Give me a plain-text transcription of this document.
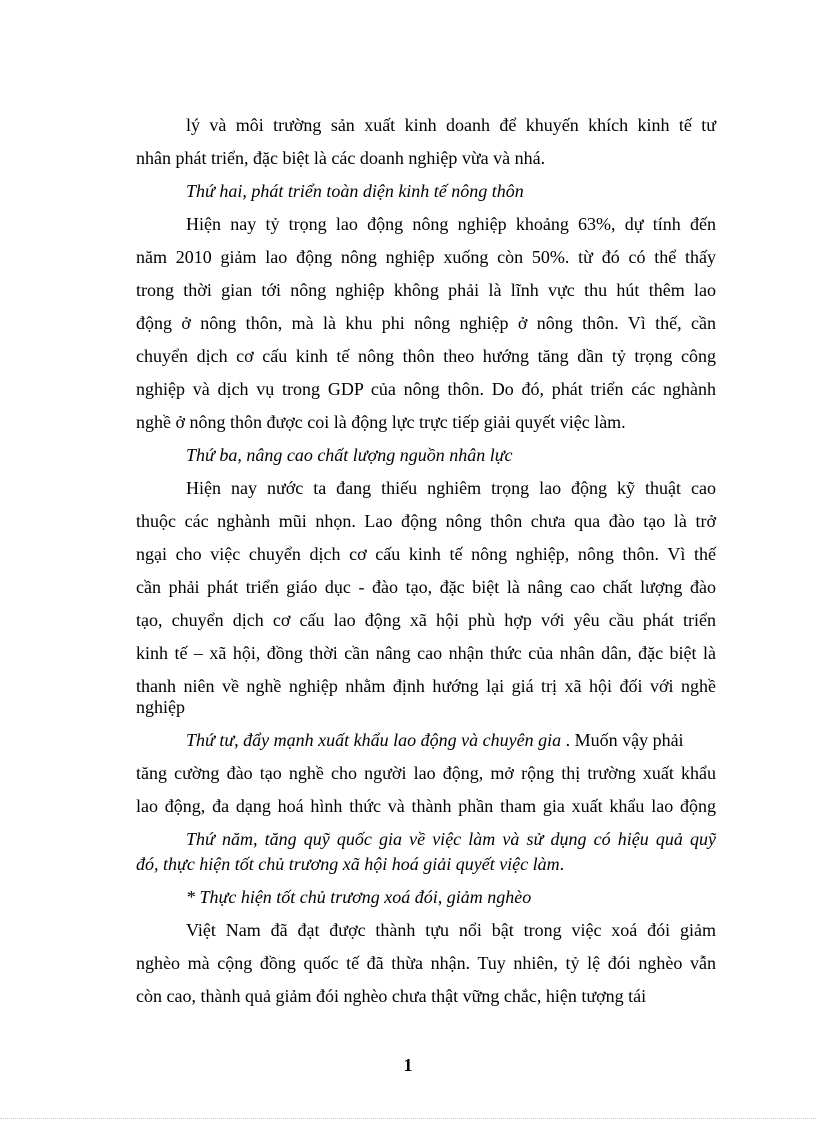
lý và môi trường sản xuất kinh doanh để khuyến khích kinh tế tư
nhân phát triển, đặc biệt là các doanh nghiệp vừa và nhá.
Thứ hai, phát triển toàn diện kinh tế nông thôn
Hiện nay tỷ trọng lao động nông nghiệp khoảng 63%, dự tính đến
năm 2010 giảm lao động nông nghiệp xuống còn 50%. từ đó có thể thấy
trong thời gian tới nông nghiệp không phải là lĩnh vực thu hút thêm lao
động ở nông thôn, mà là khu phi nông nghiệp ở nông thôn. Vì thế, cần
chuyển dịch cơ cấu kinh tế nông thôn theo hướng tăng dần tỷ trọng công
nghiệp và dịch vụ trong GDP của nông thôn. Do đó, phát triển các nghành
nghề ở nông thôn được coi là động lực trực tiếp giải quyết việc làm.
Thứ ba, nâng cao chất lượng nguồn nhân lực
Hiện nay nước ta đang thiếu nghiêm trọng lao động kỹ thuật cao
thuộc các nghành mũi nhọn. Lao động nông thôn chưa qua đào tạo là trở
ngại cho việc chuyển dịch cơ cấu kinh tế nông nghiệp, nông thôn. Vì thế
cần phải phát triển giáo dục - đào tạo, đặc biệt là nâng cao chất lượng đào
tạo, chuyển dịch cơ cấu lao động xã hội phù hợp với yêu cầu phát triển
kinh tế – xã hội, đồng thời cần nâng cao nhận thức của nhân dân, đặc biệt là
thanh niên về nghề nghiệp nhằm định hướng lại giá trị xã hội đối với nghề
nghiệp
Thứ tư, đẩy mạnh xuất khẩu lao động và chuyên gia . Muốn vậy phải
tăng cường đào tạo nghề cho người lao động, mở rộng thị trường xuất khẩu
lao động, đa dạng hoá hình thức và thành phần tham gia xuất khẩu lao động
Thứ năm, tăng quỹ quốc gia về việc làm và sử dụng có hiệu quả quỹ
đó, thực hiện tốt chủ trương xã hội hoá giải quyết việc làm.
* Thực hiện tốt chủ trương xoá đói, giảm nghèo
Việt Nam đã đạt được thành tựu nổi bật trong việc xoá đói giảm
nghèo mà cộng đồng quốc tế đã thừa nhận. Tuy nhiên, tỷ lệ đói nghèo vẫn
còn cao, thành quả giảm đói nghèo chưa thật vững chắc, hiện tượng tái
1
